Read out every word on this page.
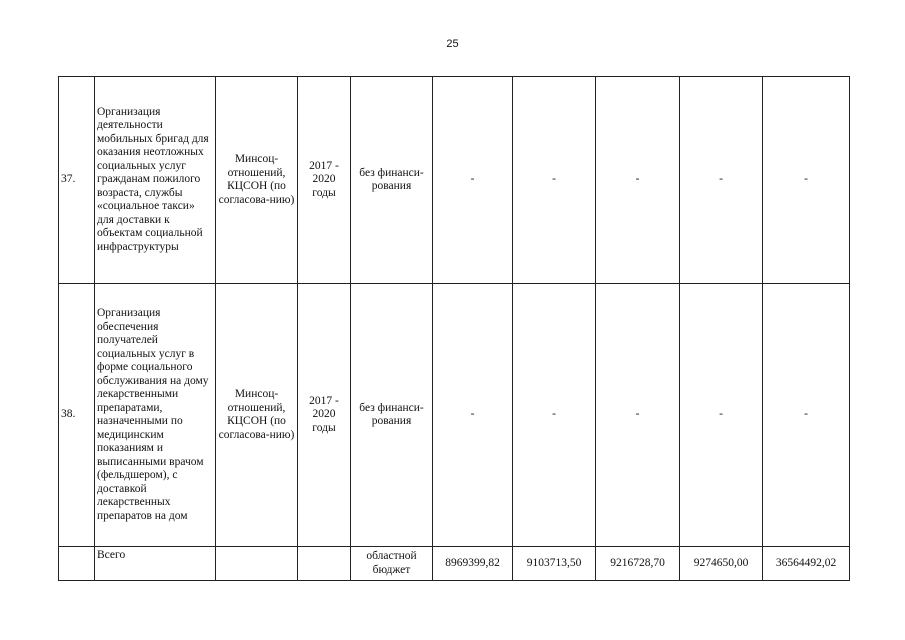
25
37.	Организация деятельности мобильных бригад для оказания неотложных социальных услуг гражданам пожилого возраста, службы «социальное такси» для доставки к объектам социальной инфраструктуры	Минсоц-отношений, КЦСОН (по согласова-нию)	2017 - 2020 годы	без финанси-рования	-	-	-	-	-
38.	Организация обеспечения получателей социальных услуг в форме социального обслуживания на дому лекарственными препаратами, назначенными по медицинским показаниям и выписанными врачом (фельдшером), с доставкой лекарственных препаратов на дом	Минсоц-отношений, КЦСОН (по согласова-нию)	2017 - 2020 годы	без финанси-рования	-	-	-	-	-
	Всего			областной бюджет	8969399,82	9103713,50	9216728,70	9274650,00	36564492,02
